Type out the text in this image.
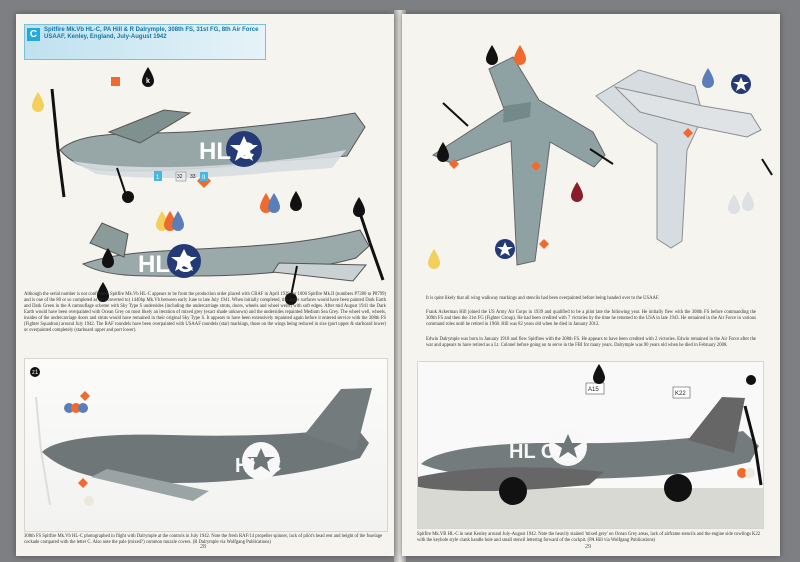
C	Spitfire Mk.Vb HL-C, PA Hill & R Dalrymple, 308th FS, 31st FG, 8th Air Force USAAF, Kenley, England, July-August 1942
HL C
HL C
k
1	32 33 II
Although the serial number is not confirmed, Spitfire Mk.Vb HL-C appears to be from the production order placed with CBAF in April 1939 for 1000 Spitfire Mk.II (numbers P7280 to P8799) and is one of the 80 or so completed as (or converted to) 1440hp Mk.Vb between early June to late July 1941. When initially completed, the upper surfaces would have been painted Dark Earth and Dark Green in the A camouflage scheme with Sky Type S undersides (including the undercarriage struts, doors, wheels and wheel wells) with soft edges. After mid August 1941 the Dark Earth would have been overpainted with Ocean Grey on most likely an iteration of mixed grey (exact shade unknown) and the undersides repainted Medium Sea Grey. The wheel well, wheels, insides of the undercarriage doors and struts would have remained in their original Sky Type S. It appears to have been extensively repainted again before it entered service with the 308th FS (Fighter Squadron) around July 1942. The RAF roundels have been overpainted with USAAF roundels (star) markings, those on the wings being reduced in size (port upper & starboard lower) or overpainted completely (starboard upper and port lower).
HL C
z1
308th FS Spitfire Mk.Vb HL-C photographed in flight with Dalrymple at the controls in July 1942. Note the fresh RAF/14 propeller spinner, lack of pilot's head rest and height of the fuselage cockade compared with the letter C. Also note the pale (mixed?) common muzzle covers. (R Dalrymple via Wolfgang Publications)
28
It is quite likely that all wing walkway markings and stencils had been overpainted before being handed over to the USAAF.
Frank Ackerman Hill joined the US Army Air Corps in 1939 and qualified to be a pilot late the following year. He initially flew with the 308th FS before commanding the 309th FS and then the 31st FG (Fighter Group). He had been credited with 7 victories by the time he returned to the USA in late 1943. He remained in the Air Force in various command roles until he retired in 1968. Hill was 82 years old when he died in January 2012.
Edwin Dalrymple was born in January 1918 and flew Spitfires with the 308th FS. He appears to have been credited with 2 victories. Edwin remained in the Air Force after the war and appears to have retired as a Lt. Colonel before going on to serve in the FBI for many years. Dalrymple was 90 years old when he died in February 2008.
HL C
A15
K22
Spitfire Mk.VB HL-C in neat Kenley around July-August 1942. Note the heavily stained 'mixed grey' on Ocean Grey areas, lack of airframe stencils and the engine side cowlings K22 with the keyhole style crank handle hole and small stencil lettering forward of the cockpit. (PA Hill via Wolfgang Publications)
29
